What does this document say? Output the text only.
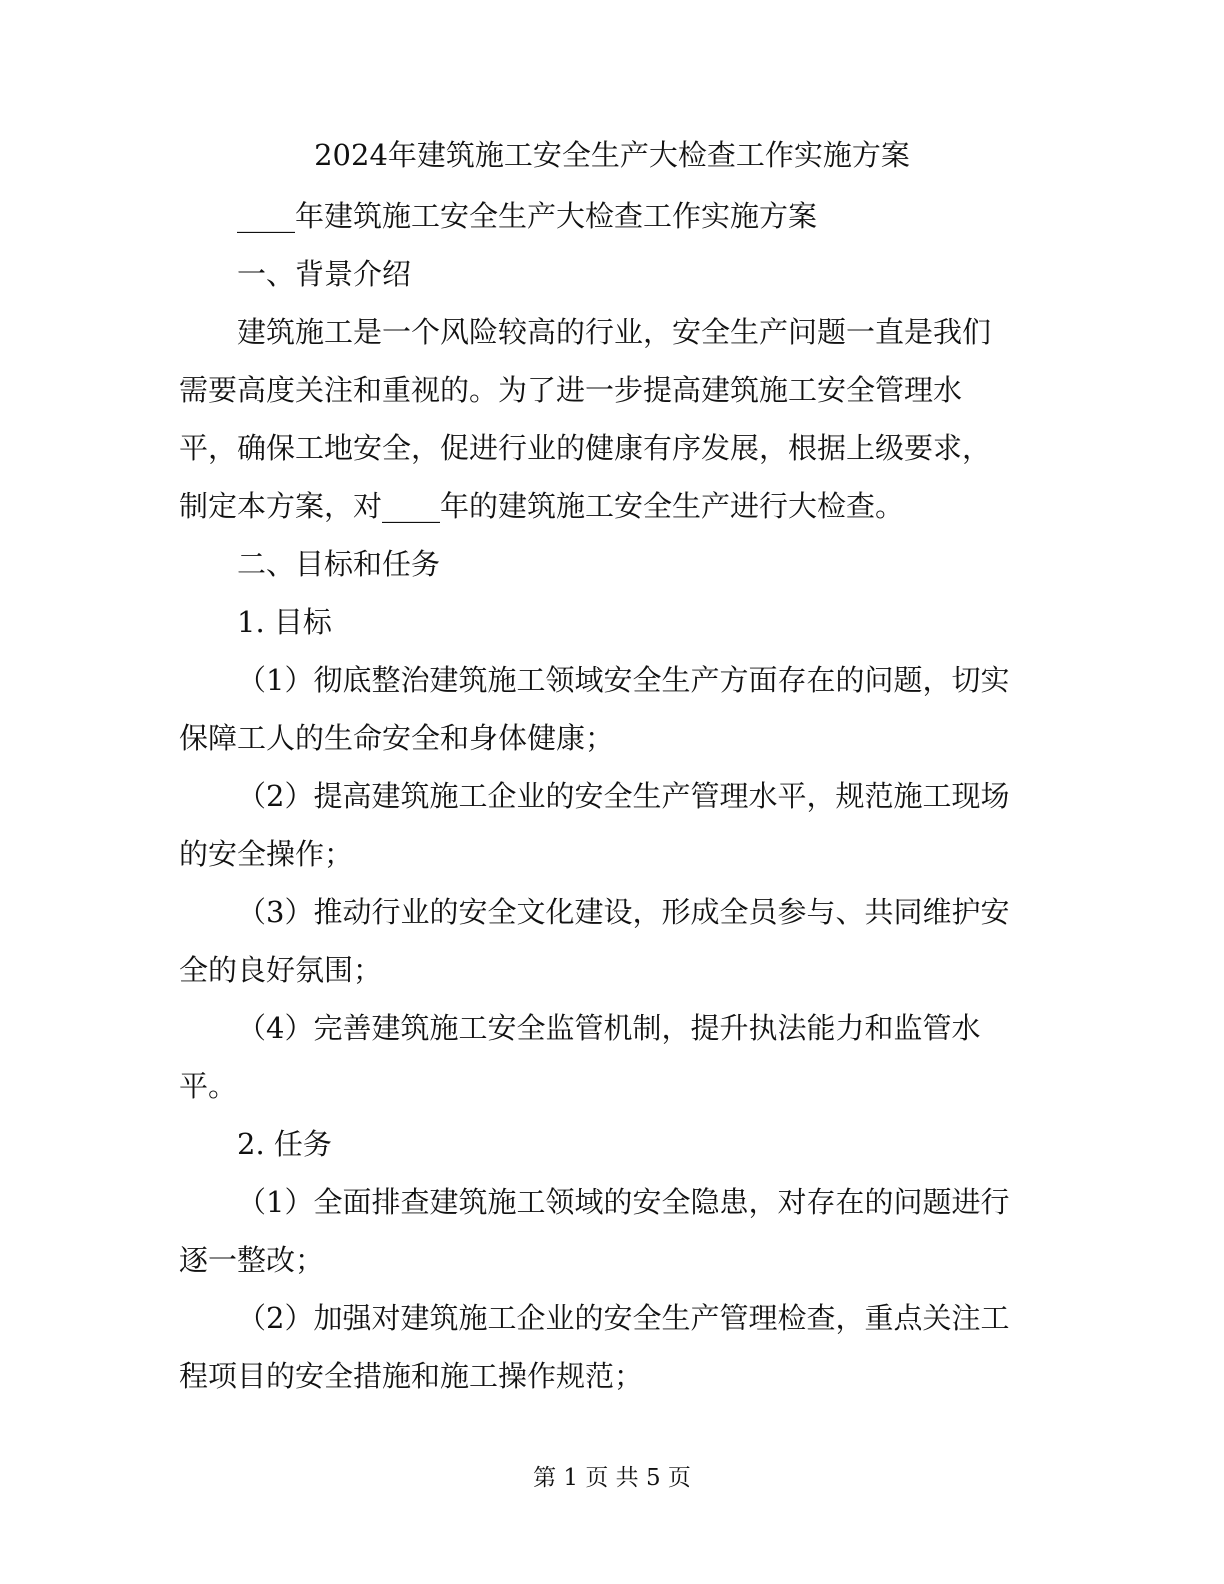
2024年建筑施工安全生产大检查工作实施方案
____年建筑施工安全生产大检查工作实施方案
一、背景介绍
建筑施工是一个风险较高的行业，安全生产问题一直是我们
需要高度关注和重视的。为了进一步提高建筑施工安全管理水
平，确保工地安全，促进行业的健康有序发展，根据上级要求，
制定本方案，对____年的建筑施工安全生产进行大检查。
二、目标和任务
1. 目标
（1）彻底整治建筑施工领域安全生产方面存在的问题，切实
保障工人的生命安全和身体健康；
（2）提高建筑施工企业的安全生产管理水平，规范施工现场
的安全操作；
（3）推动行业的安全文化建设，形成全员参与、共同维护安
全的良好氛围；
（4）完善建筑施工安全监管机制，提升执法能力和监管水
平。
2. 任务
（1）全面排查建筑施工领域的安全隐患，对存在的问题进行
逐一整改；
（2）加强对建筑施工企业的安全生产管理检查，重点关注工
程项目的安全措施和施工操作规范；
第 1 页 共 5 页
